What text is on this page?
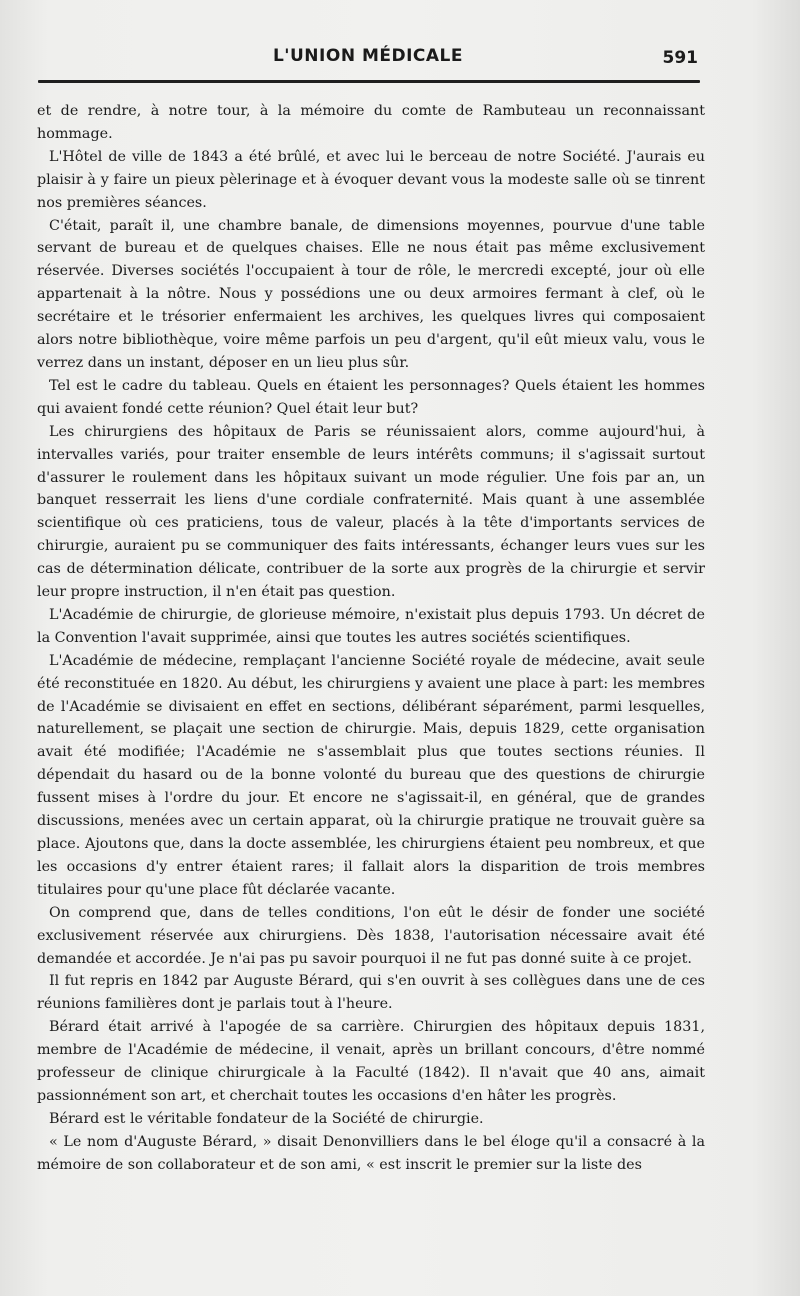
L'UNION MÉDICALE	591

et de rendre, à notre tour, à la mémoire du comte de Rambuteau un reconnaissant hommage.

L'Hôtel de ville de 1843 a été brûlé, et avec lui le berceau de notre Société. J'aurais eu plaisir à y faire un pieux pèlerinage et à évoquer devant vous la modeste salle où se tinrent nos premières séances.

C'était, paraît il, une chambre banale, de dimensions moyennes, pourvue d'une table servant de bureau et de quelques chaises. Elle ne nous était pas même exclusivement réservée. Diverses sociétés l'occupaient à tour de rôle, le mercredi excepté, jour où elle appartenait à la nôtre. Nous y possédions une ou deux armoires fermant à clef, où le secrétaire et le trésorier enfermaient les archives, les quelques livres qui composaient alors notre bibliothèque, voire même parfois un peu d'argent, qu'il eût mieux valu, vous le verrez dans un instant, déposer en un lieu plus sûr.

Tel est le cadre du tableau. Quels en étaient les personnages? Quels étaient les hommes qui avaient fondé cette réunion? Quel était leur but?

Les chirurgiens des hôpitaux de Paris se réunissaient alors, comme aujourd'hui, à intervalles variés, pour traiter ensemble de leurs intérêts communs; il s'agissait surtout d'assurer le roulement dans les hôpitaux suivant un mode régulier. Une fois par an, un banquet resserrait les liens d'une cordiale confraternité. Mais quant à une assemblée scientifique où ces praticiens, tous de valeur, placés à la tête d'importants services de chirurgie, auraient pu se communiquer des faits intéressants, échanger leurs vues sur les cas de détermination délicate, contribuer de la sorte aux progrès de la chirurgie et servir leur propre instruction, il n'en était pas question.

L'Académie de chirurgie, de glorieuse mémoire, n'existait plus depuis 1793. Un décret de la Convention l'avait supprimée, ainsi que toutes les autres sociétés scientifiques.

L'Académie de médecine, remplaçant l'ancienne Société royale de médecine, avait seule été reconstituée en 1820. Au début, les chirurgiens y avaient une place à part: les membres de l'Académie se divisaient en effet en sections, délibérant séparément, parmi lesquelles, naturellement, se plaçait une section de chirurgie. Mais, depuis 1829, cette organisation avait été modifiée; l'Académie ne s'assemblait plus que toutes sections réunies. Il dépendait du hasard ou de la bonne volonté du bureau que des questions de chirurgie fussent mises à l'ordre du jour. Et encore ne s'agissait-il, en général, que de grandes discussions, menées avec un certain apparat, où la chirurgie pratique ne trouvait guère sa place. Ajoutons que, dans la docte assemblée, les chirurgiens étaient peu nombreux, et que les occasions d'y entrer étaient rares; il fallait alors la disparition de trois membres titulaires pour qu'une place fût déclarée vacante.

On comprend que, dans de telles conditions, l'on eût le désir de fonder une société exclusivement réservée aux chirurgiens. Dès 1838, l'autorisation nécessaire avait été demandée et accordée. Je n'ai pas pu savoir pourquoi il ne fut pas donné suite à ce projet.

Il fut repris en 1842 par Auguste Bérard, qui s'en ouvrit à ses collègues dans une de ces réunions familières dont je parlais tout à l'heure.

Bérard était arrivé à l'apogée de sa carrière. Chirurgien des hôpitaux depuis 1831, membre de l'Académie de médecine, il venait, après un brillant concours, d'être nommé professeur de clinique chirurgicale à la Faculté (1842). Il n'avait que 40 ans, aimait passionnément son art, et cherchait toutes les occasions d'en hâter les progrès.

Bérard est le véritable fondateur de la Société de chirurgie.

« Le nom d'Auguste Bérard, » disait Denonvilliers dans le bel éloge qu'il a consacré à la mémoire de son collaborateur et de son ami, « est inscrit le premier sur la liste des
